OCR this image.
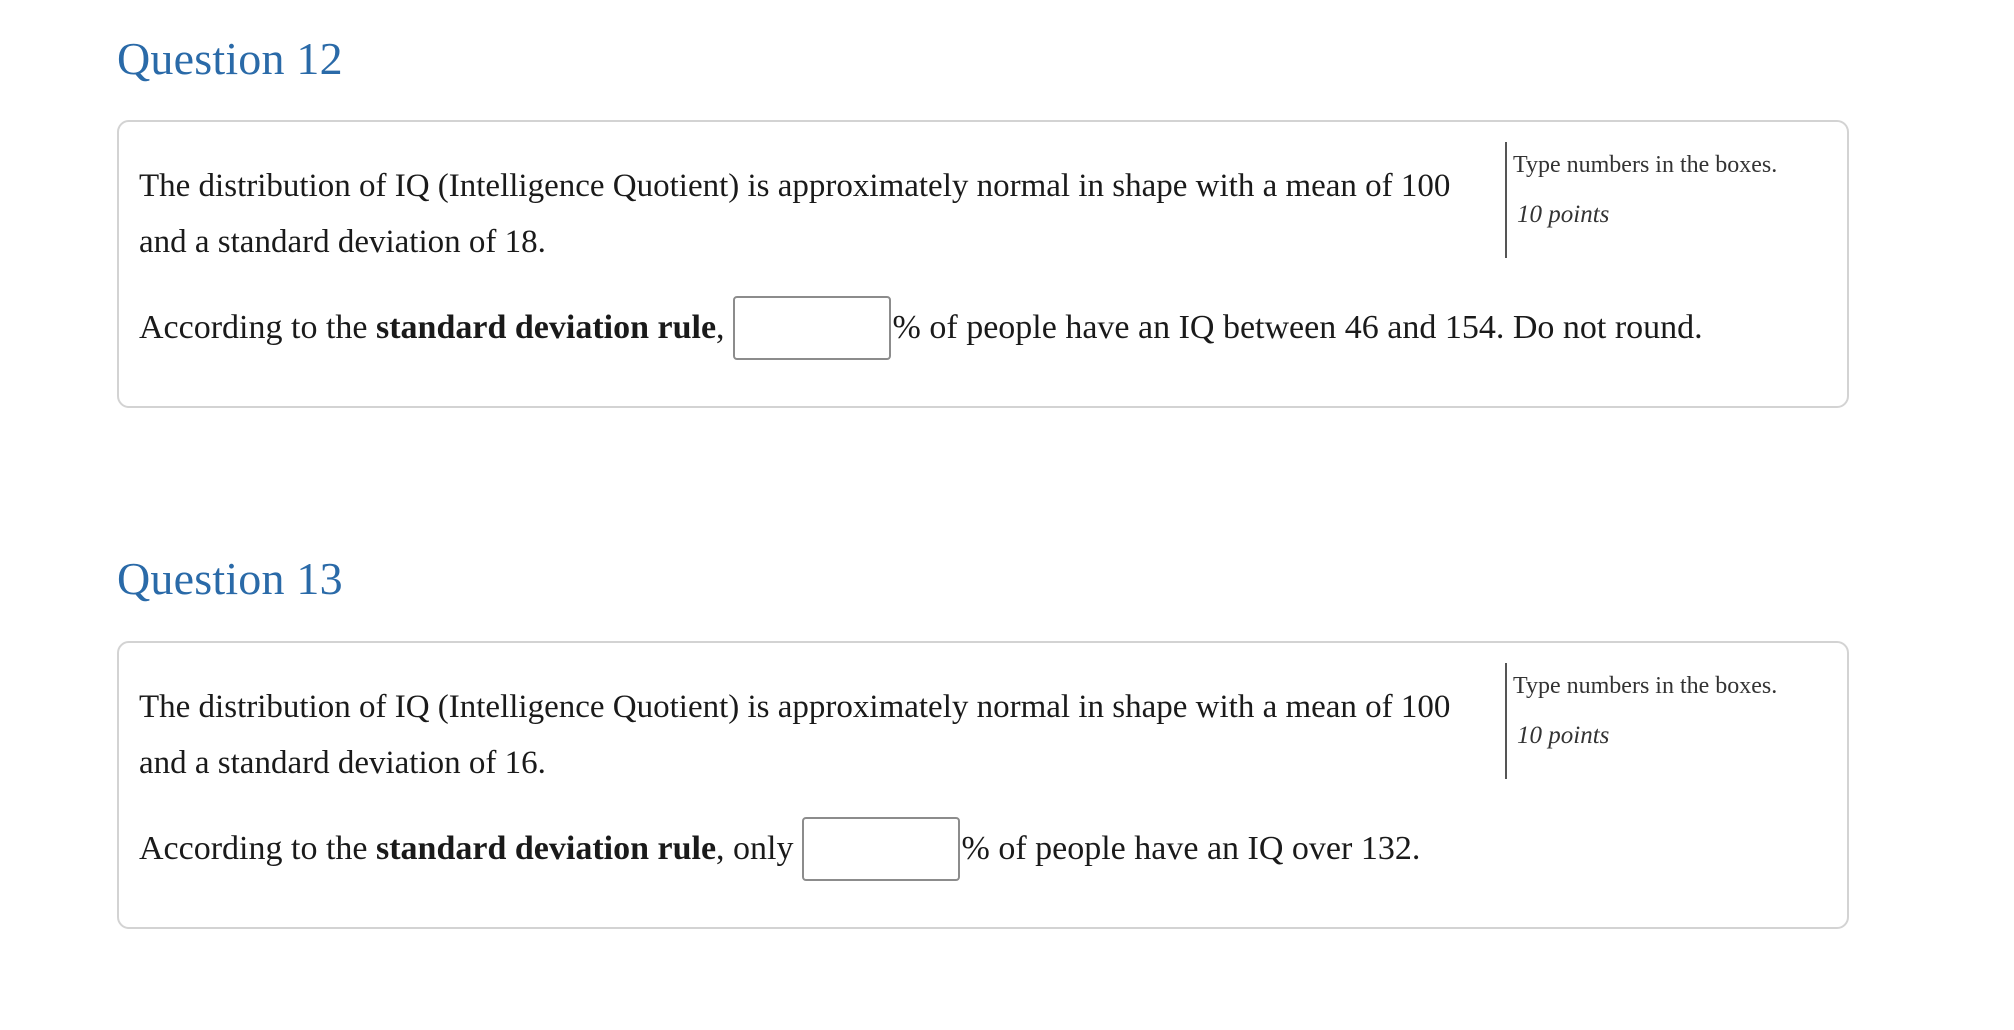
Question 12

The distribution of IQ (Intelligence Quotient) is approximately normal in shape with a mean of 100 and a standard deviation of 18.

Type numbers in the boxes.
10 points
According to the standard deviation rule ,	% of people have an IQ between 46 and 154. Do not round.
Question 13

The distribution of IQ (Intelligence Quotient) is approximately normal in shape with a mean of 100 and a standard deviation of 16.

Type numbers in the boxes.
10 points
According to the standard deviation rule , only	% of people have an IQ over 132.
